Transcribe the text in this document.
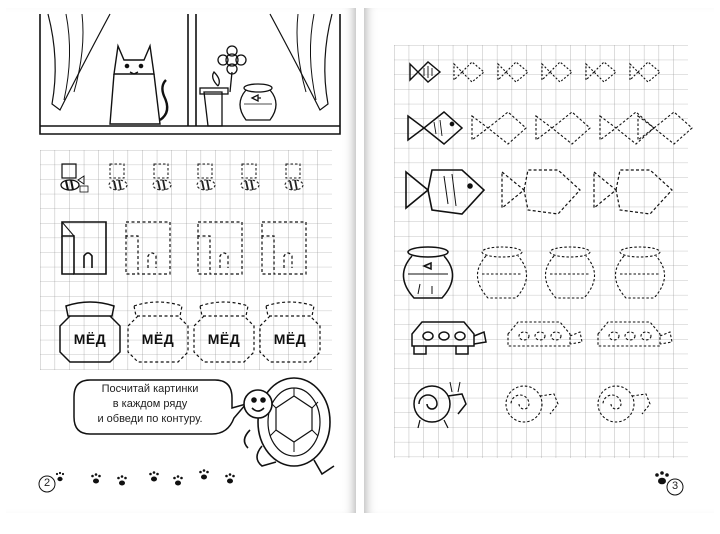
МЁД	МЁД	МЁД	МЁД
Посчитай картинки
в каждом ряду
и обведи по контуру.
2	3
